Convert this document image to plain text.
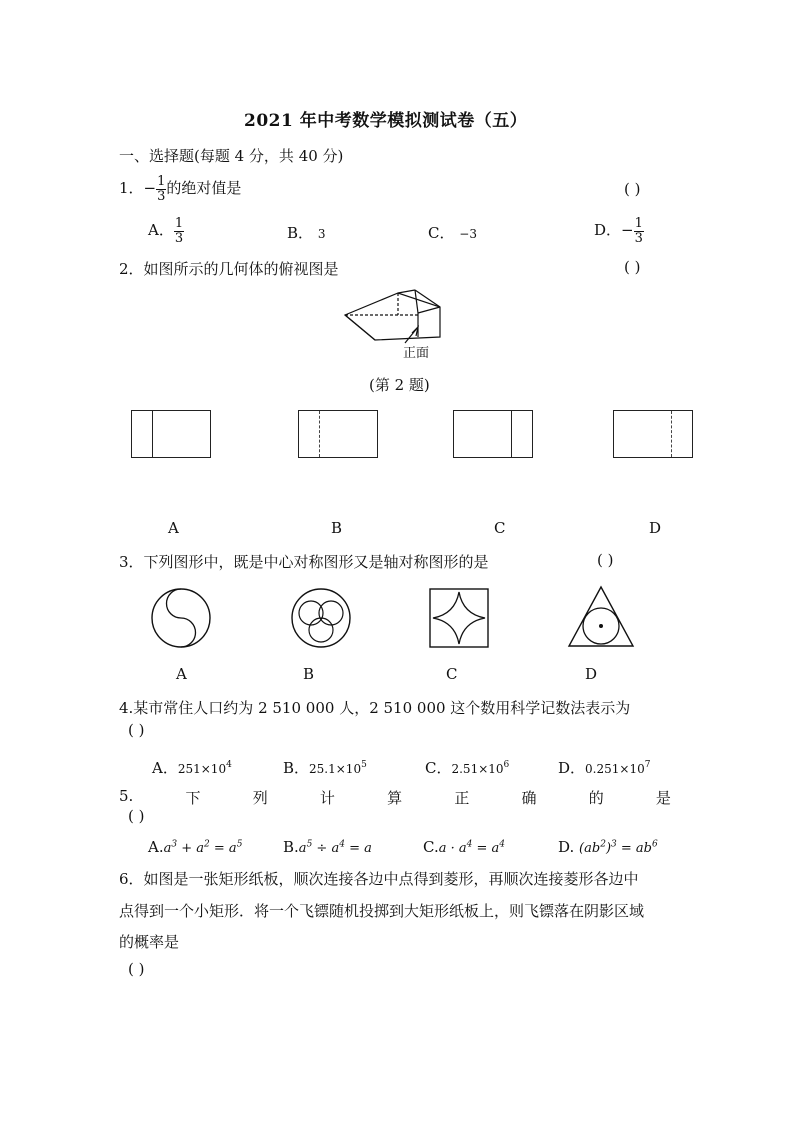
2021 年中考数学模拟测试卷（五）
一、选择题(每题 4 分，共 40 分)
1．− $\frac{1}{3}$ 的绝对值是	( )
A． $\frac{1}{3}$	B． 3	C． −3	D．− $\frac{1}{3}$
2．如图所示的几何体的俯视图是	( )
正面
(第 2 题)
A	B	C	D
3．下列图形中，既是中心对称图形又是轴对称图形的是	( )
A	B	C	D
4.某市常住人口约为 2 510 000 人，2 510 000 这个数用科学记数法表示为
( )
A．$251\times 10^4$	B．$25.1\times 10^5$	C．$2.51\times 10^6$	D．$0.251\times 10^7$
5.	下	列	计	算	正	确	的	是
( )
$A.a^3 + a^2 = a^5$	$B.a^5 \div a^4 = a$	$C.a \cdot a^4 = a^4$	D. $(ab^2)^3 = ab^6$
6．如图是一张矩形纸板，顺次连接各边中点得到菱形，再顺次连接菱形各边中
点得到一个小矩形．将一个飞镖随机投掷到大矩形纸板上，则飞镖落在阴影区域
的概率是
( )
